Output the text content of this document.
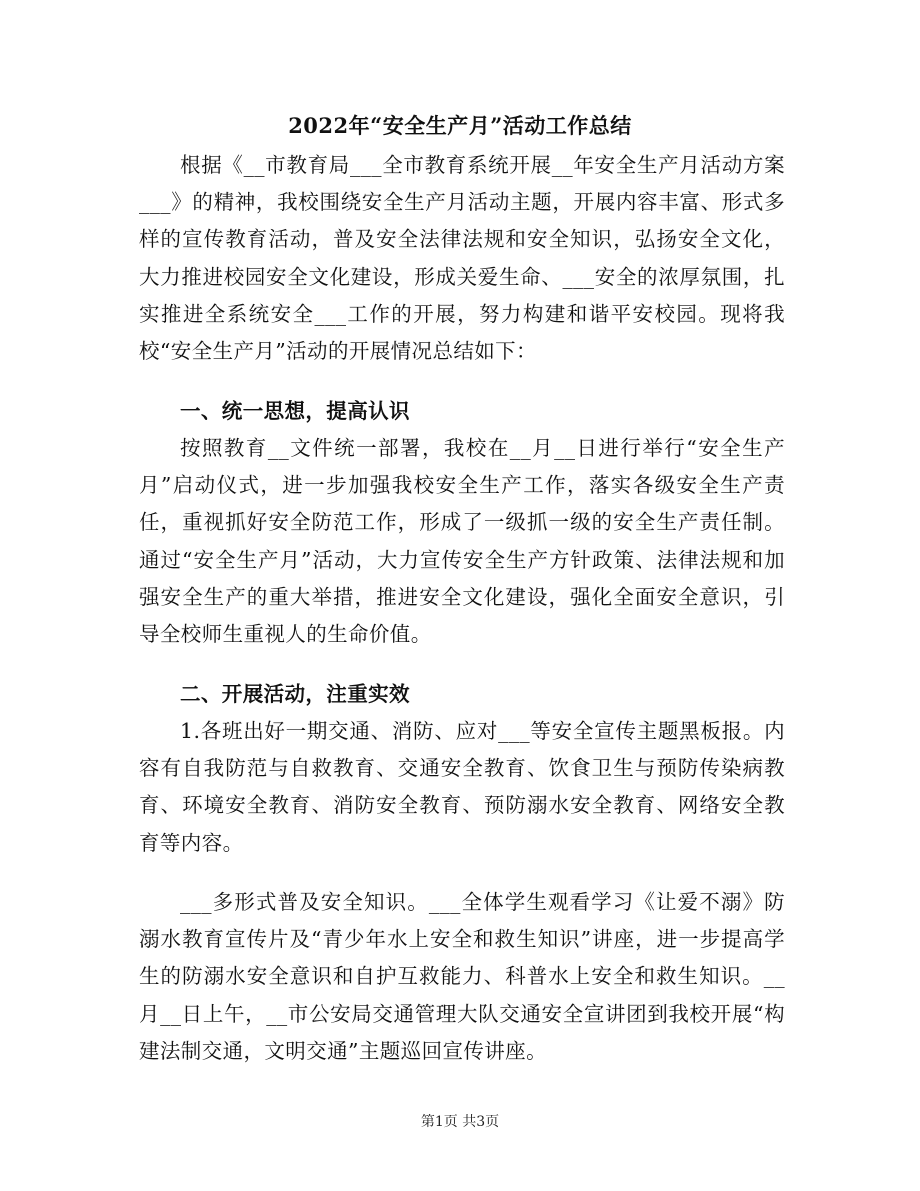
2022年“安全生产月”活动工作总结
根据《__市教育局___全市教育系统开展__年安全生产月活动方案___》的精神，我校围绕安全生产月活动主题，开展内容丰富、形式多样的宣传教育活动，普及安全法律法规和安全知识，弘扬安全文化，大力推进校园安全文化建设，形成关爱生命、___安全的浓厚氛围，扎实推进全系统安全___工作的开展，努力构建和谐平安校园。现将我校“安全生产月”活动的开展情况总结如下：
一、统一思想，提高认识
按照教育__文件统一部署，我校在__月__日进行举行“安全生产月”启动仪式，进一步加强我校安全生产工作，落实各级安全生产责任，重视抓好安全防范工作，形成了一级抓一级的安全生产责任制。通过“安全生产月”活动，大力宣传安全生产方针政策、法律法规和加强安全生产的重大举措，推进安全文化建设，强化全面安全意识，引导全校师生重视人的生命价值。
二、开展活动，注重实效
1.各班出好一期交通、消防、应对___等安全宣传主题黑板报。内容有自我防范与自救教育、交通安全教育、饮食卫生与预防传染病教育、环境安全教育、消防安全教育、预防溺水安全教育、网络安全教育等内容。
___多形式普及安全知识。___全体学生观看学习《让爱不溺》防溺水教育宣传片及“青少年水上安全和救生知识”讲座，进一步提高学生的防溺水安全意识和自护互救能力、科普水上安全和救生知识。__月__日上午，__市公安局交通管理大队交通安全宣讲团到我校开展“构建法制交通，文明交通”主题巡回宣传讲座。
第1页 共3页
